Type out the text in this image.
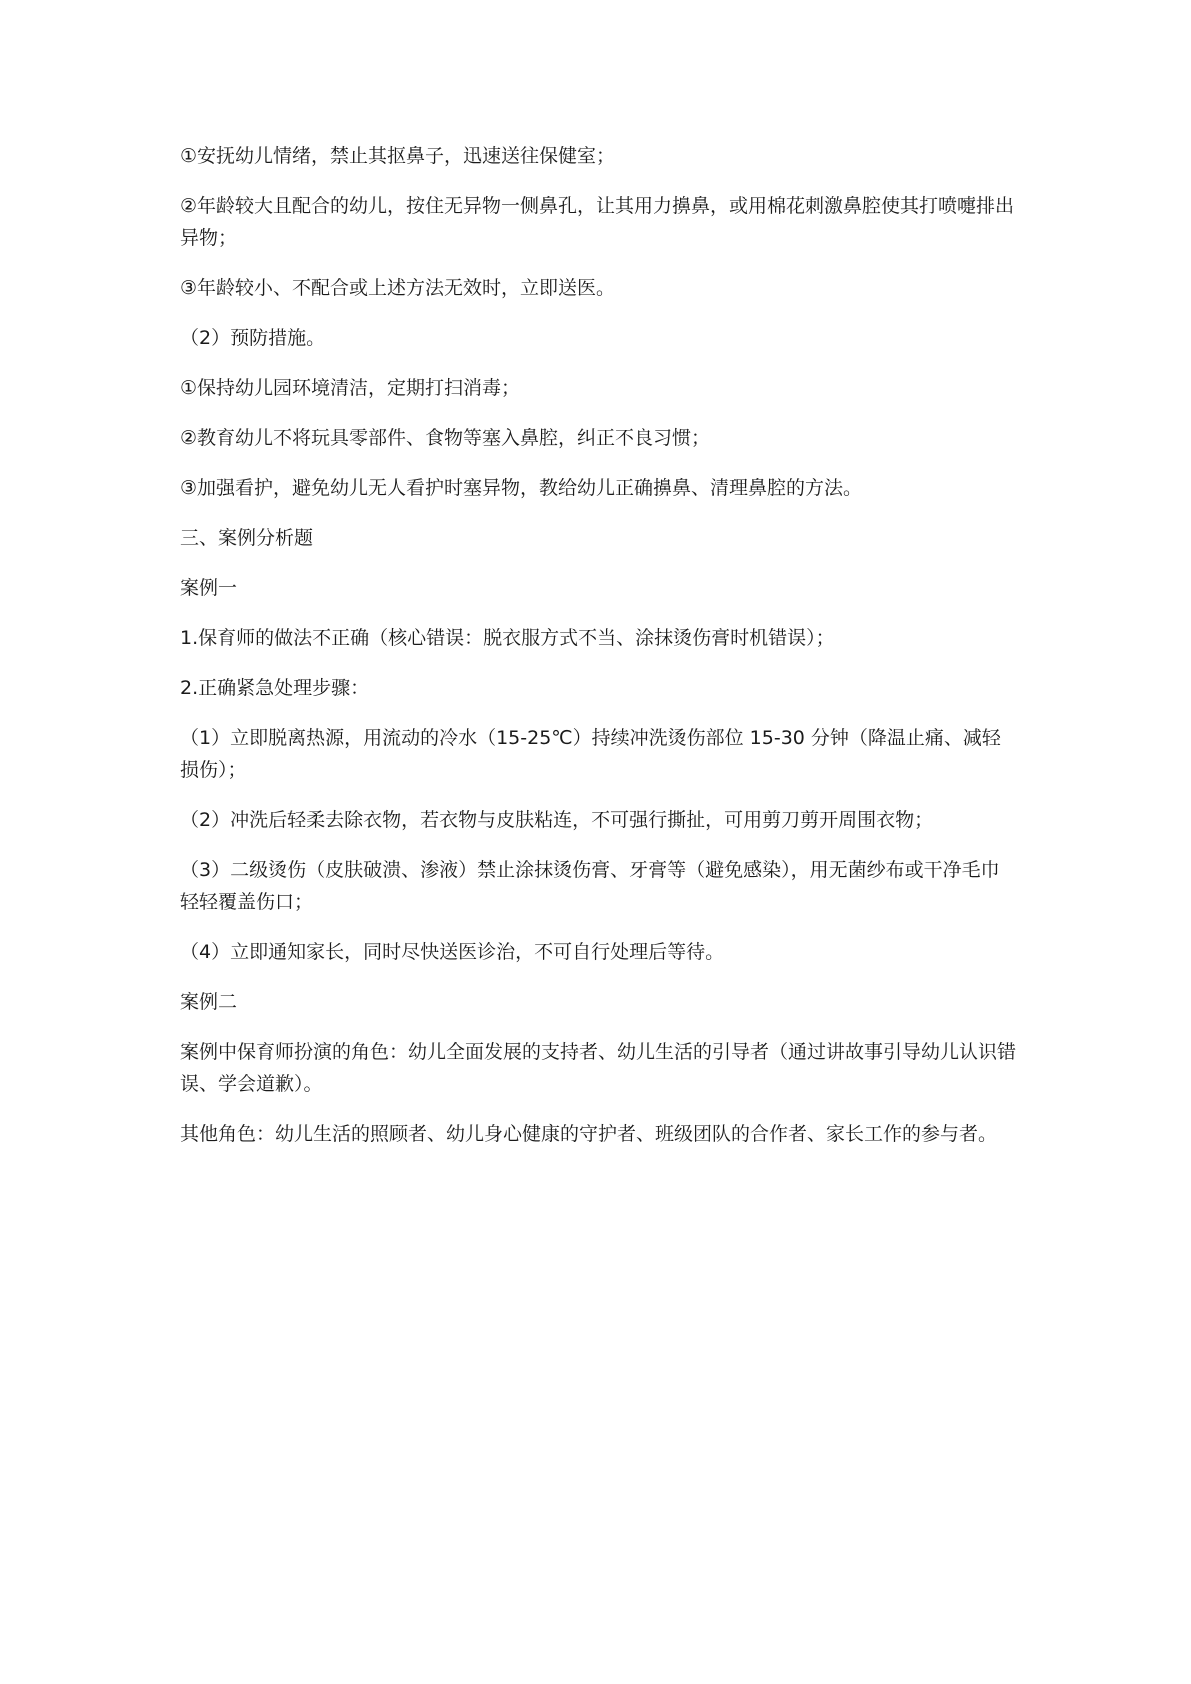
①安抚幼儿情绪，禁止其抠鼻子，迅速送往保健室；

②年龄较大且配合的幼儿，按住无异物一侧鼻孔，让其用力擤鼻，或用棉花刺激鼻腔使其打喷嚏排出异物；

③年龄较小、不配合或上述方法无效时，立即送医。

（2）预防措施。

①保持幼儿园环境清洁，定期打扫消毒；

②教育幼儿不将玩具零部件、食物等塞入鼻腔，纠正不良习惯；

③加强看护，避免幼儿无人看护时塞异物，教给幼儿正确擤鼻、清理鼻腔的方法。

三、案例分析题

案例一

1.保育师的做法不正确（核心错误：脱衣服方式不当、涂抹烫伤膏时机错误）；

2.正确紧急处理步骤：

（1）立即脱离热源，用流动的冷水（15-25℃）持续冲洗烫伤部位 15-30 分钟（降温止痛、减轻损伤）；

（2）冲洗后轻柔去除衣物，若衣物与皮肤粘连，不可强行撕扯，可用剪刀剪开周围衣物；

（3）二级烫伤（皮肤破溃、渗液）禁止涂抹烫伤膏、牙膏等（避免感染），用无菌纱布或干净毛巾轻轻覆盖伤口；

（4）立即通知家长，同时尽快送医诊治，不可自行处理后等待。

案例二

案例中保育师扮演的角色：幼儿全面发展的支持者、幼儿生活的引导者（通过讲故事引导幼儿认识错误、学会道歉）。

其他角色：幼儿生活的照顾者、幼儿身心健康的守护者、班级团队的合作者、家长工作的参与者。
